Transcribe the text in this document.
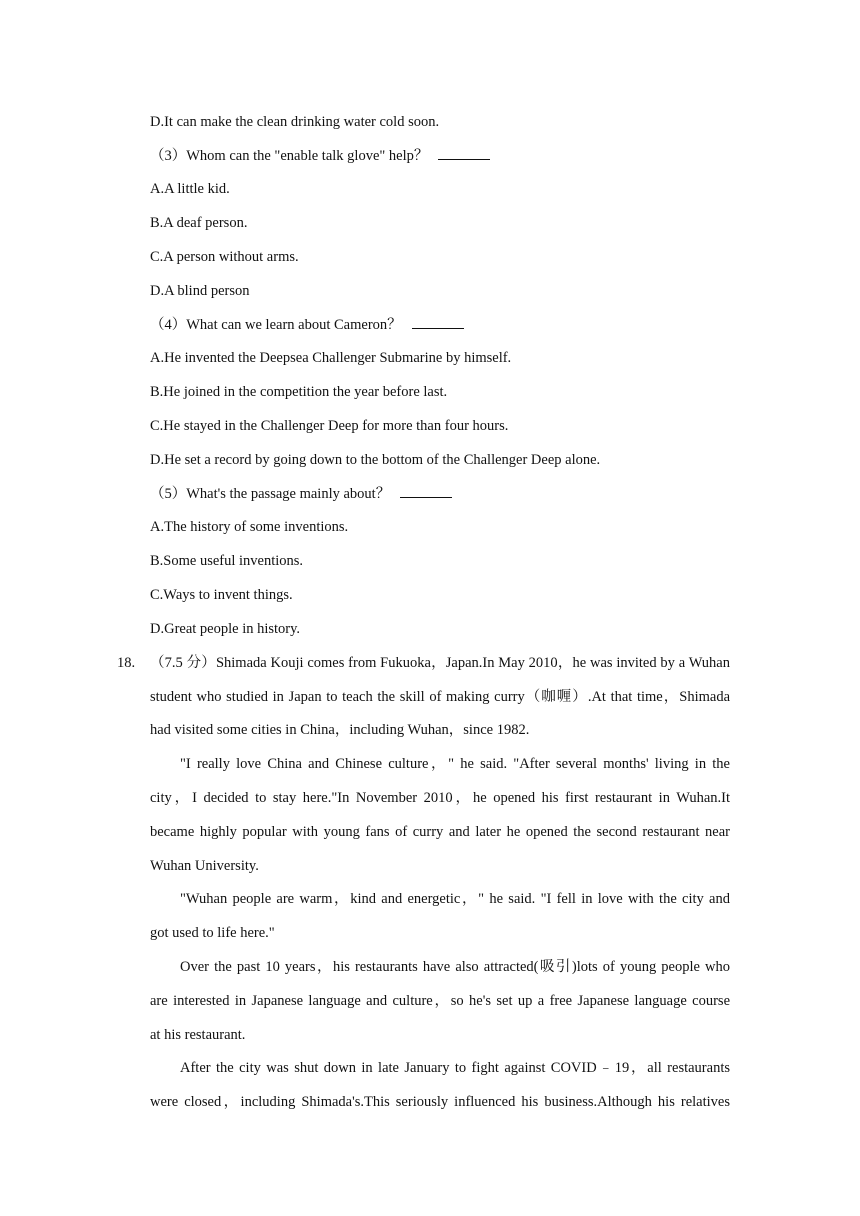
D.It can make the clean drinking water cold soon.
（3）Whom can the "enable talk glove" help？
A.A little kid.
B.A deaf person.
C.A person without arms.
D.A blind person
（4）What can we learn about Cameron？
A.He invented the Deepsea Challenger Submarine by himself.
B.He joined in the competition the year before last.
C.He stayed in the Challenger Deep for more than four hours.
D.He set a record by going down to the bottom of the Challenger Deep alone.
（5）What's the passage mainly about？
A.The history of some inventions.
B.Some useful inventions.
C.Ways to invent things.
D.Great people in history.
18. （7.5 分）Shimada Kouji comes from Fukuoka，Japan.In May 2010，he was invited by a Wuhan
student who studied in Japan to teach the skill of making curry（咖喱）.At that time，Shimada
had visited some cities in China，including Wuhan，since 1982.
"I really love China and Chinese culture，" he said. "After several months' living in the
city，I decided to stay here."In November 2010，he opened his first restaurant in Wuhan.It
became highly popular with young fans of curry and later he opened the second restaurant near
Wuhan University.
"Wuhan people are warm，kind and energetic，" he said. "I fell in love with the city and
got used to life here."
Over the past 10 years，his restaurants have also attracted(吸引)lots of young people who
are interested in Japanese language and culture，so he's set up a free Japanese language course
at his restaurant.
After the city was shut down in late January to fight against COVID﹣19，all restaurants
were closed，including Shimada's.This seriously influenced his business.Although his relatives
